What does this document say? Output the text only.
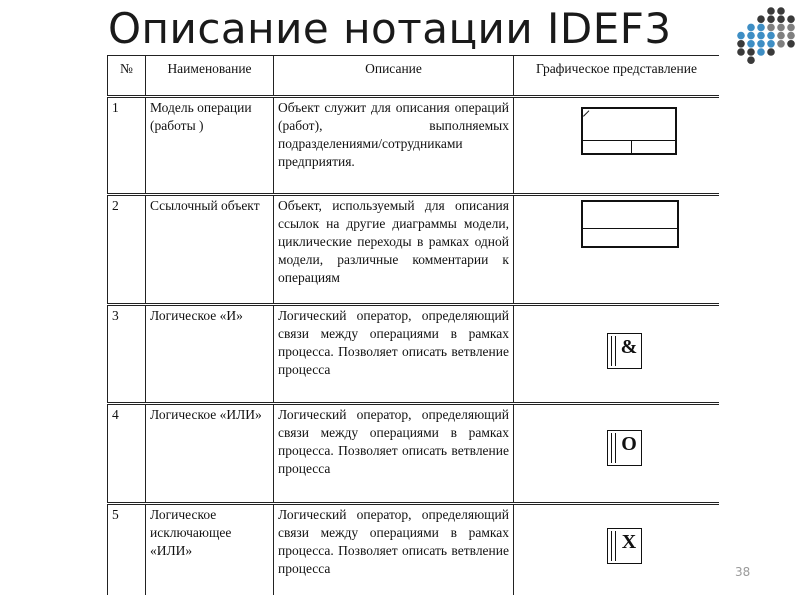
Описание нотации IDEF3
№	Наименование	Описание	Графическое представление
1	Модель операции (работы )	Объект служит для описания операций (работ), выполняемых подразделениями/сотрудниками предприятия.	

2	Ссылочный объект	Объект, используемый для описания ссылок на другие диаграммы модели, циклические переходы в рамках одной модели, различные комментарии к операциям	

3	Логическое «И»	Логический оператор, определяющий связи между операциями в рамках процесса. Позволяет описать ветвление процесса	&

4	Логическое «ИЛИ»	Логический оператор, определяющий связи между операциями в рамках процесса. Позволяет описать ветвление процесса	O

5	Логическое исключающее «ИЛИ»	Логический оператор, определяющий связи между операциями в рамках процесса. Позволяет описать ветвление процесса	X
38
